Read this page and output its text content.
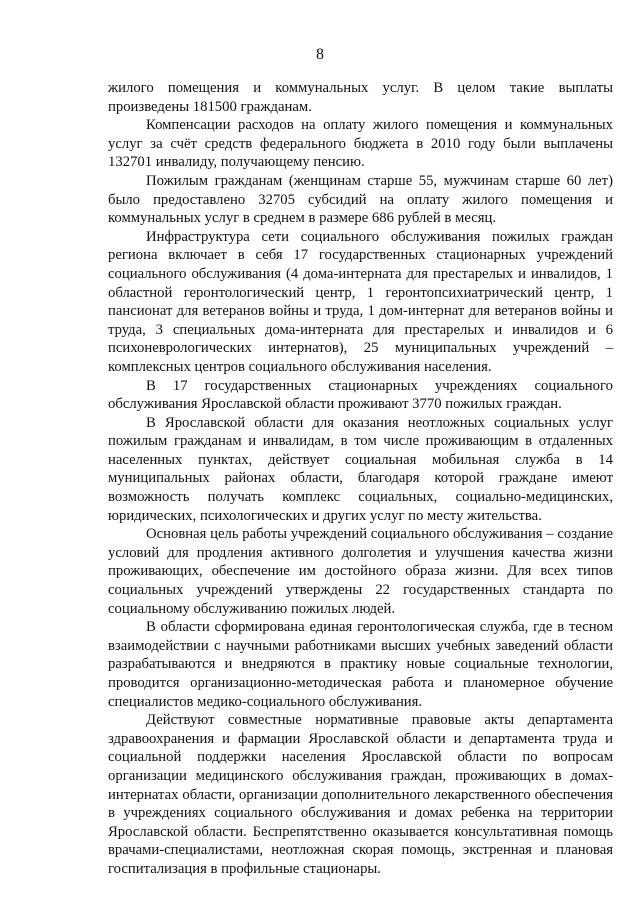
8

жилого помещения и коммунальных услуг. В целом такие выплаты произведены 181500 гражданам.

Компенсации расходов на оплату жилого помещения и коммунальных услуг за счёт средств федерального бюджета в 2010 году были выплачены 132701 инвалиду, получающему пенсию.

Пожилым гражданам (женщинам старше 55, мужчинам старше 60 лет) было предоставлено 32705 субсидий на оплату жилого помещения и коммунальных услуг в среднем в размере 686 рублей в месяц.

Инфраструктура сети социального обслуживания пожилых граждан региона включает в себя 17 государственных стационарных учреждений социального обслуживания (4 дома-интерната для престарелых и инвалидов, 1 областной геронтологический центр, 1 геронтопсихиатрический центр, 1 пансионат для ветеранов войны и труда, 1 дом-интернат для ветеранов войны и труда, 3 специальных дома-интерната для престарелых и инвалидов и 6 психоневрологических интернатов), 25 муниципальных учреждений – комплексных центров социального обслуживания населения.

В 17 государственных стационарных учреждениях социального обслуживания Ярославской области проживают 3770 пожилых граждан.

В Ярославской области для оказания неотложных социальных услуг пожилым гражданам и инвалидам, в том числе проживающим в отдаленных населенных пунктах, действует социальная мобильная служба в 14 муниципальных районах области, благодаря которой граждане имеют возможность получать комплекс социальных, социально-медицинских, юридических, психологических и других услуг по месту жительства.

Основная цель работы учреждений социального обслуживания – создание условий для продления активного долголетия и улучшения качества жизни проживающих, обеспечение им достойного образа жизни. Для всех типов социальных учреждений утверждены 22 государственных стандарта по социальному обслуживанию пожилых людей.

В области сформирована единая геронтологическая служба, где в тесном взаимодействии с научными работниками высших учебных заведений области разрабатываются и внедряются в практику новые социальные технологии, проводится организационно-методическая работа и планомерное обучение специалистов медико-социального обслуживания.

Действуют совместные нормативные правовые акты департамента здравоохранения и фармации Ярославской области и департамента труда и социальной поддержки населения Ярославской области по вопросам организации медицинского обслуживания граждан, проживающих в домах-интернатах области, организации дополнительного лекарственного обеспечения в учреждениях социального обслуживания и домах ребенка на территории Ярославской области. Беспрепятственно оказывается консультативная помощь врачами-специалистами, неотложная скорая помощь, экстренная и плановая госпитализация в профильные стационары.
